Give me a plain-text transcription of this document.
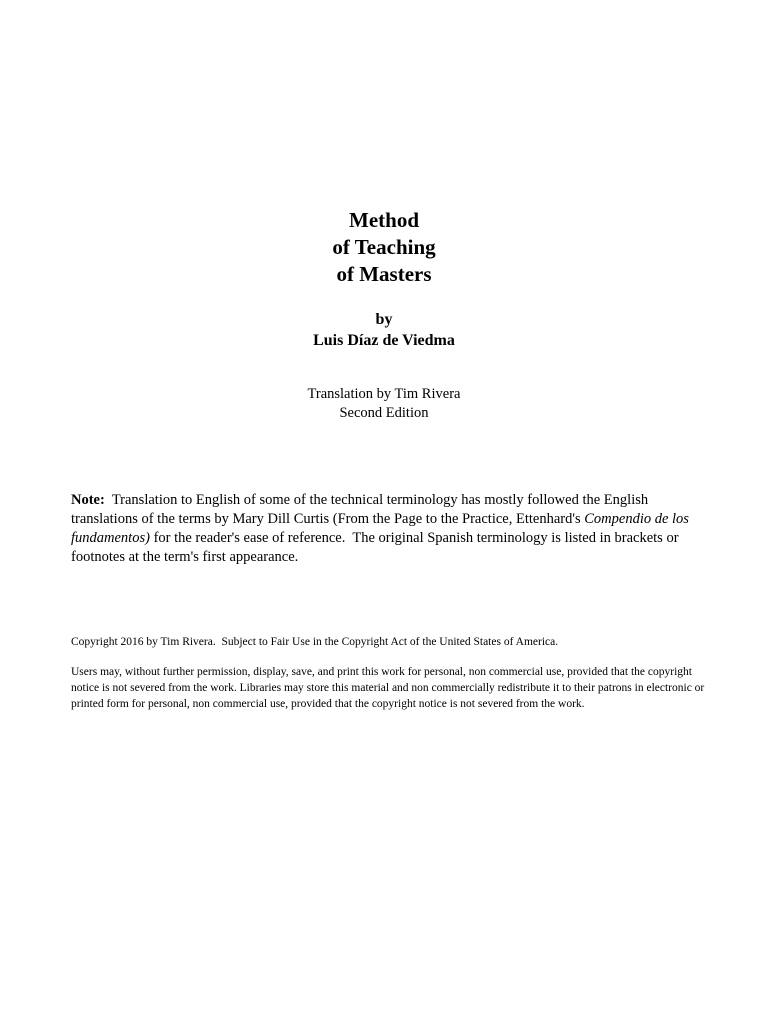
Method
of Teaching
of Masters
by
Luis Díaz de Viedma
Translation by Tim Rivera
Second Edition

Note:  Translation to English of some of the technical terminology has mostly followed the English translations of the terms by Mary Dill Curtis (From the Page to the Practice, Ettenhard's Compendio de los fundamentos) for the reader's ease of reference.  The original Spanish terminology is listed in brackets or footnotes at the term's first appearance.

Copyright 2016 by Tim Rivera.  Subject to Fair Use in the Copyright Act of the United States of America.

Users may, without further permission, display, save, and print this work for personal, non commercial use, provided that the copyright notice is not severed from the work. Libraries may store this material and non commercially redistribute it to their patrons in electronic or printed form for personal, non commercial use, provided that the copyright notice is not severed from the work.
